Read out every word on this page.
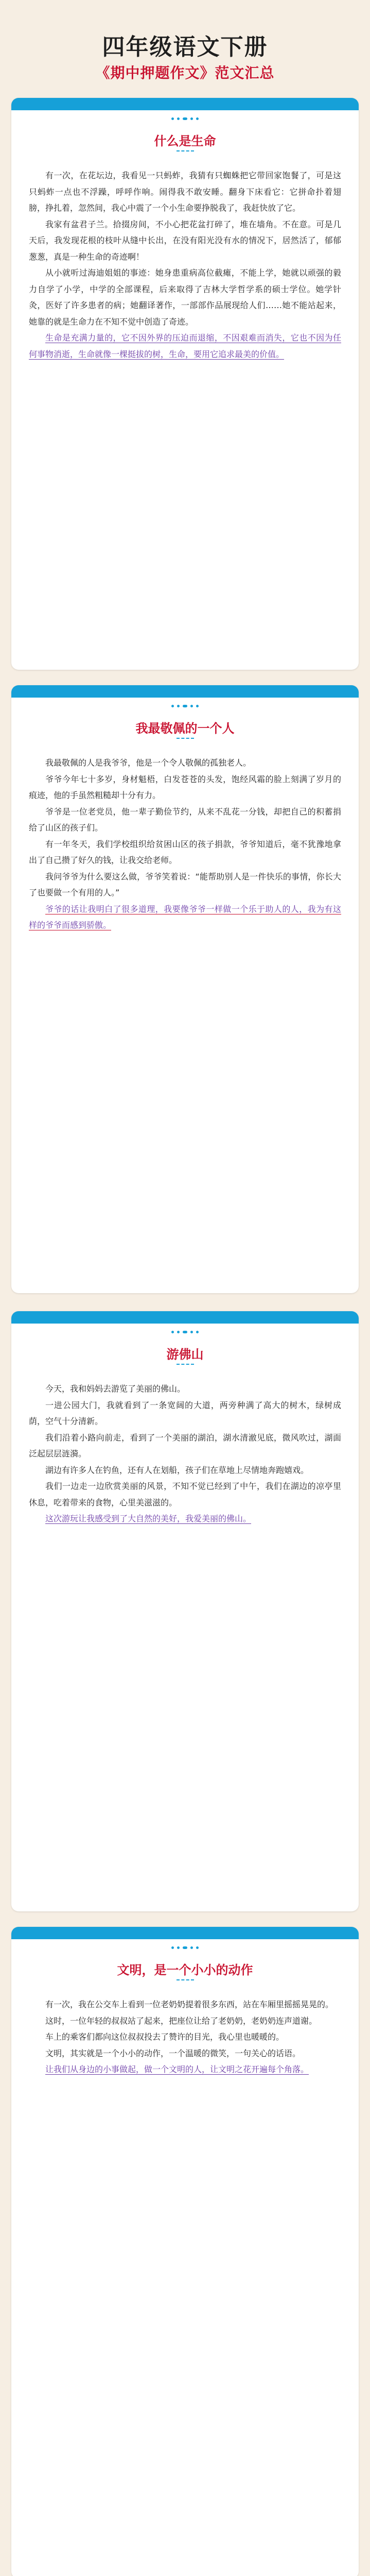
四年级语文下册
《期中押题作文》范文汇总
什么是生命

有一次，在花坛边，我看见一只蚂蚱，我猜有只蜘蛛把它带回家饱餐了，可是这只蚂蚱一点也不浮躁，呼呼作响。闹得我不敢安睡。翻身下床看它：它拼命扑着翅膀，挣扎着，忽然间，我心中震了一个小生命要挣脱我了，我赶快放了它。

我家有盆君子兰。拾掇房间，不小心把花盆打碎了，堆在墙角。不在意。可是几天后，我发现花根的枝叶从缝中长出，在没有阳光没有水的情况下，居然活了，郁郁葱葱，真是一种生命的奇迹啊！

从小就听过海迪姐姐的事迹：她身患重病高位截瘫，不能上学，她就以顽强的毅力自学了小学，中学的全部课程，后来取得了吉林大学哲学系的硕士学位。她学针灸，医好了许多患者的病；她翻译著作，一部部作品展现给人们……她不能站起来，她靠的就是生命力在不知不觉中创造了奇迹。

生命是充满力量的，它不因外界的压迫而退缩，不因艰难而消失，它也不因为任何事物消逝，生命就像一棵挺拔的树，生命，要用它追求最美的价值。

我最敬佩的一个人

我最敬佩的人是我爷爷，他是一个令人敬佩的孤独老人。

爷爷今年七十多岁，身材魁梧，白发苍苍的头发，饱经风霜的脸上刻满了岁月的痕迹，他的手虽然粗糙却十分有力。

爷爷是一位老党员，他一辈子勤俭节约，从来不乱花一分钱，却把自己的积蓄捐给了山区的孩子们。

有一年冬天，我们学校组织给贫困山区的孩子捐款，爷爷知道后，毫不犹豫地拿出了自己攒了好久的钱，让我交给老师。

我问爷爷为什么要这么做，爷爷笑着说：“能帮助别人是一件快乐的事情，你长大了也要做一个有用的人。”

爷爷的话让我明白了很多道理，我要像爷爷一样做一个乐于助人的人，我为有这样的爷爷而感到骄傲。

游佛山

今天，我和妈妈去游览了美丽的佛山。

一进公园大门，我就看到了一条宽阔的大道，两旁种满了高大的树木，绿树成荫，空气十分清新。

我们沿着小路向前走，看到了一个美丽的湖泊，湖水清澈见底，微风吹过，湖面泛起层层涟漪。

湖边有许多人在钓鱼，还有人在划船，孩子们在草地上尽情地奔跑嬉戏。

我们一边走一边欣赏美丽的风景，不知不觉已经到了中午，我们在湖边的凉亭里休息，吃着带来的食物，心里美滋滋的。

这次游玩让我感受到了大自然的美好，我爱美丽的佛山。

文明，是一个小小的动作

有一次，我在公交车上看到一位老奶奶提着很多东西，站在车厢里摇摇晃晃的。

这时，一位年轻的叔叔站了起来，把座位让给了老奶奶，老奶奶连声道谢。

车上的乘客们都向这位叔叔投去了赞许的目光，我心里也暖暖的。

文明，其实就是一个小小的动作，一个温暖的微笑，一句关心的话语。

让我们从身边的小事做起，做一个文明的人，让文明之花开遍每个角落。
